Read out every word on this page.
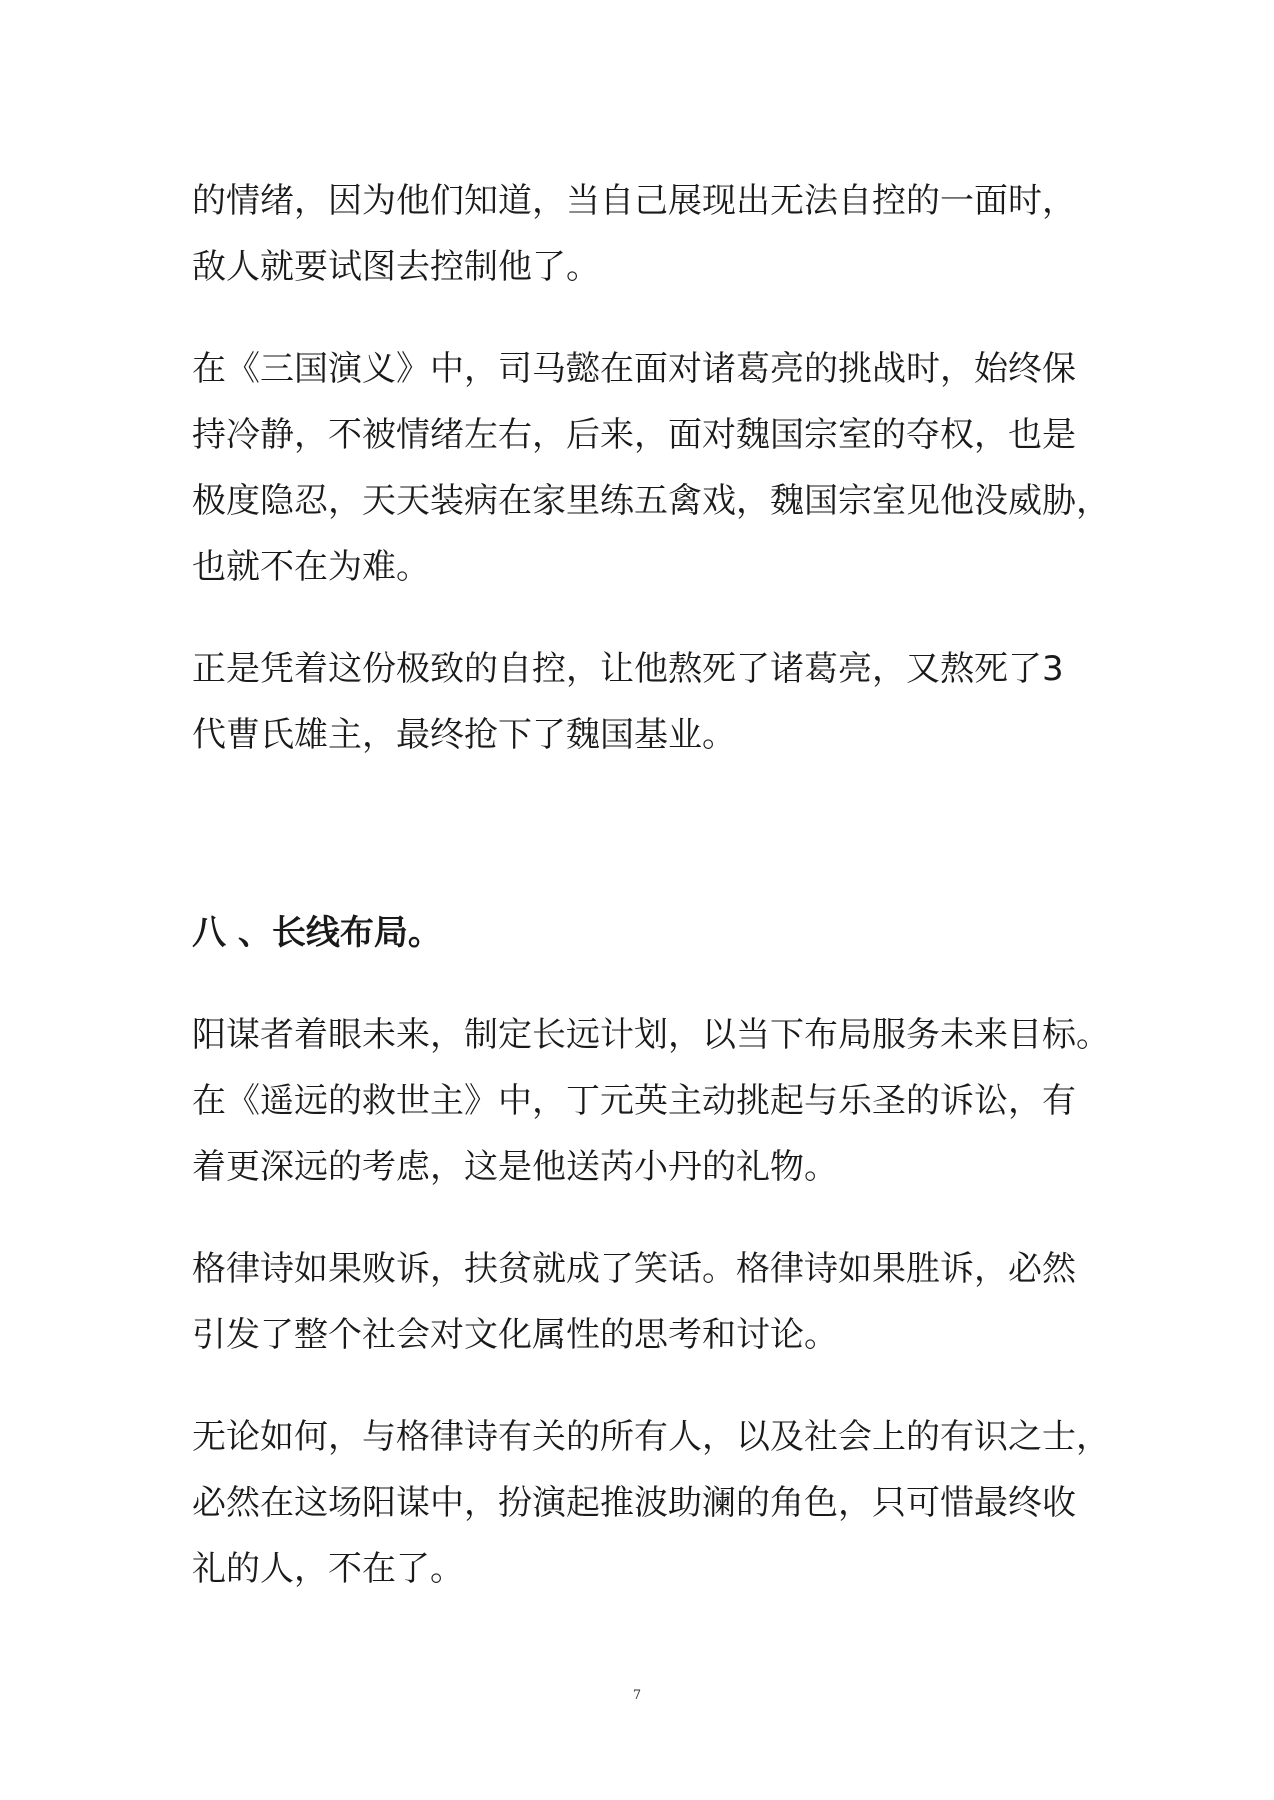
的情绪，因为他们知道，当自己展现出无法自控的一面时，
敌人就要试图去控制他了。

在《三国演义》中，司马懿在面对诸葛亮的挑战时，始终保
持冷静，不被情绪左右，后来，面对魏国宗室的夺权，也是
极度隐忍，天天装病在家里练五禽戏，魏国宗室见他没威胁，
也就不在为难。

正是凭着这份极致的自控，让他熬死了诸葛亮，又熬死了3
代曹氏雄主，最终抢下了魏国基业。

八 、长线布局。

阳谋者着眼未来，制定长远计划，以当下布局服务未来目标。
在《遥远的救世主》中，丁元英主动挑起与乐圣的诉讼，有
着更深远的考虑，这是他送芮小丹的礼物。

格律诗如果败诉，扶贫就成了笑话。格律诗如果胜诉，必然
引发了整个社会对文化属性的思考和讨论。

无论如何，与格律诗有关的所有人，以及社会上的有识之士，
必然在这场阳谋中，扮演起推波助澜的角色，只可惜最终收
礼的人，不在了。

7
